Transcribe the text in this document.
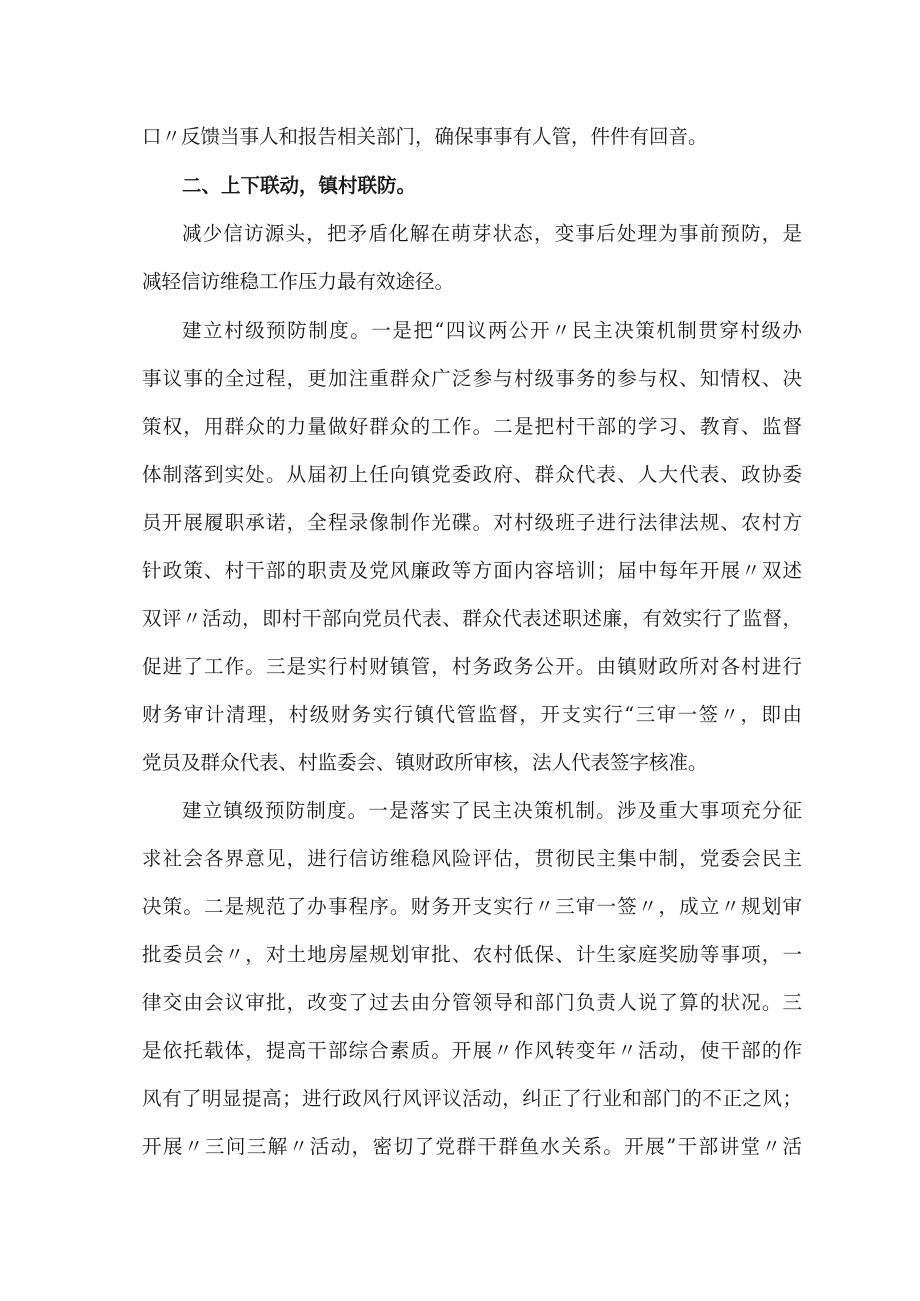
口〃反馈当事人和报告相关部门，确保事事有人管，件件有回音。
二、上下联动，镇村联防。
减少信访源头，把矛盾化解在萌芽状态，变事后处理为事前预防，是
减轻信访维稳工作压力最有效途径。
建立村级预防制度。一是把“四议两公开〃民主决策机制贯穿村级办
事议事的全过程，更加注重群众广泛参与村级事务的参与权、知情权、决
策权，用群众的力量做好群众的工作。二是把村干部的学习、教育、监督
体制落到实处。从届初上任向镇党委政府、群众代表、人大代表、政协委
员开展履职承诺，全程录像制作光碟。对村级班子进行法律法规、农村方
针政策、村干部的职责及党风廉政等方面内容培训；届中每年开展〃双述
双评〃活动，即村干部向党员代表、群众代表述职述廉，有效实行了监督，
促进了工作。三是实行村财镇管，村务政务公开。由镇财政所对各村进行
财务审计清理，村级财务实行镇代管监督，开支实行“三审一签〃，即由
党员及群众代表、村监委会、镇财政所审核，法人代表签字核准。
建立镇级预防制度。一是落实了民主决策机制。涉及重大事项充分征
求社会各界意见，进行信访维稳风险评估，贯彻民主集中制，党委会民主
决策。二是规范了办事程序。财务开支实行〃三审一签〃，成立〃规划审
批委员会〃，对土地房屋规划审批、农村低保、计生家庭奖励等事项，一
律交由会议审批，改变了过去由分管领导和部门负责人说了算的状况。三
是依托载体，提高干部综合素质。开展〃作风转变年〃活动，使干部的作
风有了明显提高；进行政风行风评议活动，纠正了行业和部门的不正之风；
开展〃三问三解〃活动，密切了党群干群鱼水关系。开展”干部讲堂〃活
